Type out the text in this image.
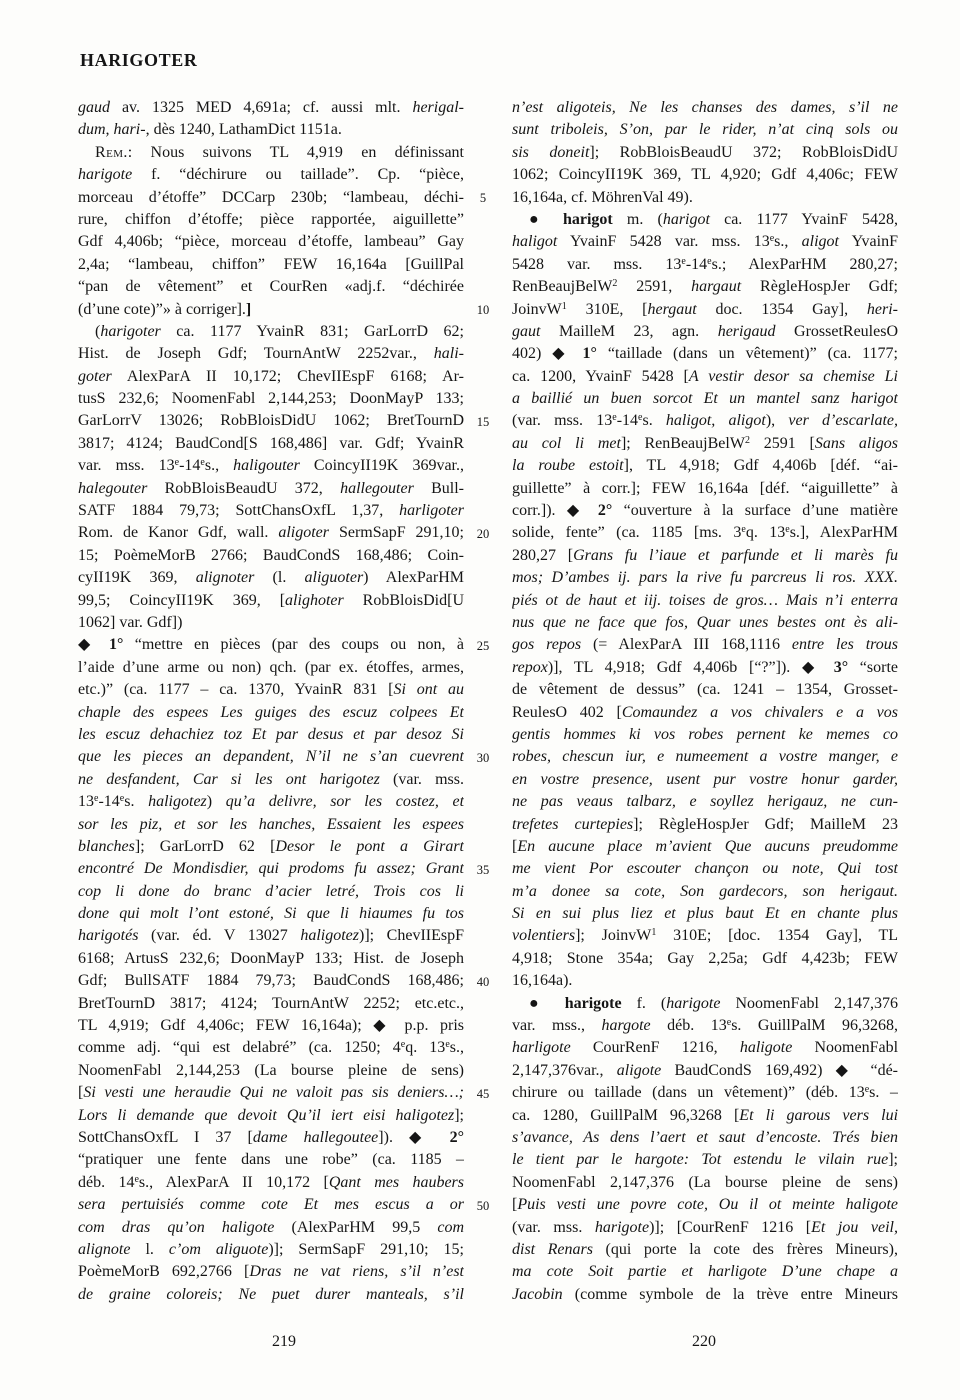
HARIGOTER
gaud av. 1325 MED 4,691a; cf. aussi mlt. herigal-
dum, hari-, dès 1240, LathamDict 1151a.
Rem.: Nous suivons TL 4,919 en définissant
harigote f. “déchirure ou taillade”. Cp. “pièce,
morceau d’étoffe” DCCarp 230b; “lambeau, déchi-
rure, chiffon d’étoffe; pièce rapportée, aiguillette”
Gdf 4,406b; “pièce, morceau d’étoffe, lambeau” Gay
2,4a; “lambeau, chiffon” FEW 16,164a [GuillPal
“pan de vêtement” et CourRen «adj.f. “déchirée
(d’une cote)”» à corriger].]
(harigoter ca. 1177 YvainR 831; GarLorrD 62;
Hist. de Joseph Gdf; TournAntW 2252var., hali-
goter AlexParA II 10,172; ChevIIEspF 6168; Ar-
tusS 232,6; NoomenFabl 2,144,253; DoonMayP 133;
GarLorrV 13026; RobBloisDidU 1062; BretTournD
3817; 4124; BaudCond[S 168,486] var. Gdf; YvainR
var. mss. 13e-14es., haligouter CoincyII19K 369var.,
halegouter RobBloisBeaudU 372, hallegouter Bull-
SATF 1884 79,73; SottChansOxfL 1,37, harligoter
Rom. de Kanor Gdf, wall. aligoter SermSapF 291,10;
15; PoèmeMorB 2766; BaudCondS 168,486; Coin-
cyII19K 369, alignoter (l. aliguoter) AlexParHM
99,5; CoincyII19K 369, [alighoter RobBloisDid[U
1062] var. Gdf])
◆ 1° “mettre en pièces (par des coups ou non, à
l’aide d’une arme ou non) qch. (par ex. étoffes, armes,
etc.)” (ca. 1177 – ca. 1370, YvainR 831 [Si ont au
chaple des espees Les guiges des escuz colpees Et
les escuz dehachiez toz Et par desus et par desoz Si
que les pieces an depandent, N’il ne s’an cuevrent
ne desfandent, Car si les ont harigotez (var. mss.
13e-14es. haligotez) qu’a delivre, sor les costez, et
sor les piz, et sor les hanches, Essaient les espees
blanches]; GarLorrD 62 [Desor le pont a Girart
encontré De Mondisdier, qui prodoms fu assez; Grant
cop li done do branc d’acier letré, Trois cos li
done qui molt l’ont estoné, Si que li hiaumes fu tos
harigotés (var. éd. V 13027 haligotez)]; ChevIIEspF
6168; ArtusS 232,6; DoonMayP 133; Hist. de Joseph
Gdf; BullSATF 1884 79,73; BaudCondS 168,486;
BretTournD 3817; 4124; TournAntW 2252; etc.etc.,
TL 4,919; Gdf 4,406c; FEW 16,164a); ◆ p.p. pris
comme adj. “qui est delabré” (ca. 1250; 4eq. 13es.,
NoomenFabl 2,144,253 (La bourse pleine de sens)
[Si vesti une heraudie Qui ne valoit pas sis deniers…;
Lors li demande que devoit Qu’il iert eisi haligotez];
SottChansOxfL I 37 [dame hallegoutee]). ◆ 2°
“pratiquer une fente dans une robe” (ca. 1185 –
déb. 14es., AlexParA II 10,172 [Qant mes haubers
sera pertuisiés comme cote Et mes escus a or
com dras qu’on haligote (AlexParHM 99,5 com
alignote l. c’om aliguote)]; SermSapF 291,10; 15;
PoèmeMorB 692,2766 [Dras ne vat riens, s’il n’est
de graine coloreis; Ne puet durer manteals, s’il
5
10
15
20
25
30
35
40
45
50
n’est aligoteis, Ne les chanses des dames, s’il ne
sunt triboleis, S’on, par le rider, n’at cinq sols ou
sis doneit]; RobBloisBeaudU 372; RobBloisDidU
1062; CoincyII19K 369, TL 4,920; Gdf 4,406c; FEW
16,164a, cf. MöhrenVal 49).
● harigot m. (harigot ca. 1177 YvainF 5428,
haligot YvainF 5428 var. mss. 13es., aligot YvainF
5428 var. mss. 13e-14es.; AlexParHM 280,27;
RenBeaujBelW$^2$ 2591, hargaut RègleHospJer Gdf;
JoinvW$^1$ 310E, [hergaut doc. 1354 Gay], heri-
gaut MailleM 23, agn. herigaud GrossetReulesO
402) ◆ 1° “taillade (dans un vêtement)” (ca. 1177;
ca. 1200, YvainF 5428 [A vestir desor sa chemise Li
a baillié un buen sorcot Et un mantel sanz harigot
(var. mss. 13e-14es. haligot, aligot), ver d’escarlate,
au col li met]; RenBeaujBelW$^2$ 2591 [Sans aligos
la roube estoit], TL 4,918; Gdf 4,406b [déf. “ai-
guillette” à corr.]; FEW 16,164a [déf. “aiguillette” à
corr.]). ◆ 2° “ouverture à la surface d’une matière
solide, fente” (ca. 1185 [ms. 3eq. 13es.], AlexParHM
280,27 [Grans fu l’iaue et parfunde et li marès fu
mos; D’ambes ij. pars la rive fu parcreus li ros. XXX.
piés ot de haut et iij. toises de gros… Mais n’i enterra
nus que ne face que fos, Quar unes bestes ont ès ali-
gos repos (= AlexParA III 168,1116 entre les trous
repox)], TL 4,918; Gdf 4,406b [“?”]). ◆ 3° “sorte
de vêtement de dessus” (ca. 1241 – 1354, Grosset-
ReulesO 402 [Comaundez a vos chivalers e a vos
gentis hommes ki vos robes pernent ke memes co
robes, chescun iur, e numeement a vostre manger, e
en vostre presence, usent pur vostre honur garder,
ne pas veaus talbarz, e soyllez herigauz, ne cun-
trefetes curtepies]; RègleHospJer Gdf; MailleM 23
[En aucune place m’avient Que aucuns preudomme
me vient Por escouter chançon ou note, Qui tost
m’a donee sa cote, Son gardecors, son herigaut.
Si en sui plus liez et plus baut Et en chante plus
volentiers]; JoinvW$^1$ 310E; [doc. 1354 Gay], TL
4,918; Stone 354a; Gay 2,25a; Gdf 4,423b; FEW
16,164a).
● harigote f. (harigote NoomenFabl 2,147,376
var. mss., hargote déb. 13es. GuillPalM 96,3268,
harligote CourRenF 1216, haligote NoomenFabl
2,147,376var., aligote BaudCondS 169,492) ◆ “dé-
chirure ou taillade (dans un vêtement)” (déb. 13es. –
ca. 1280, GuillPalM 96,3268 [Et li garous vers lui
s’avance, As dens l’aert et saut d’encoste. Trés bien
le tient par le hargote: Tot estendu le vilain rue];
NoomenFabl 2,147,376 (La bourse pleine de sens)
[Puis vesti une povre cote, Ou il ot meinte haligote
(var. mss. harigote)]; [CourRenF 1216 [Et jou veil,
dist Renars (qui porte la cote des frères Mineurs),
ma cote Soit partie et harligote D’une chape a
Jacobin (comme symbole de la trève entre Mineurs
219	220
